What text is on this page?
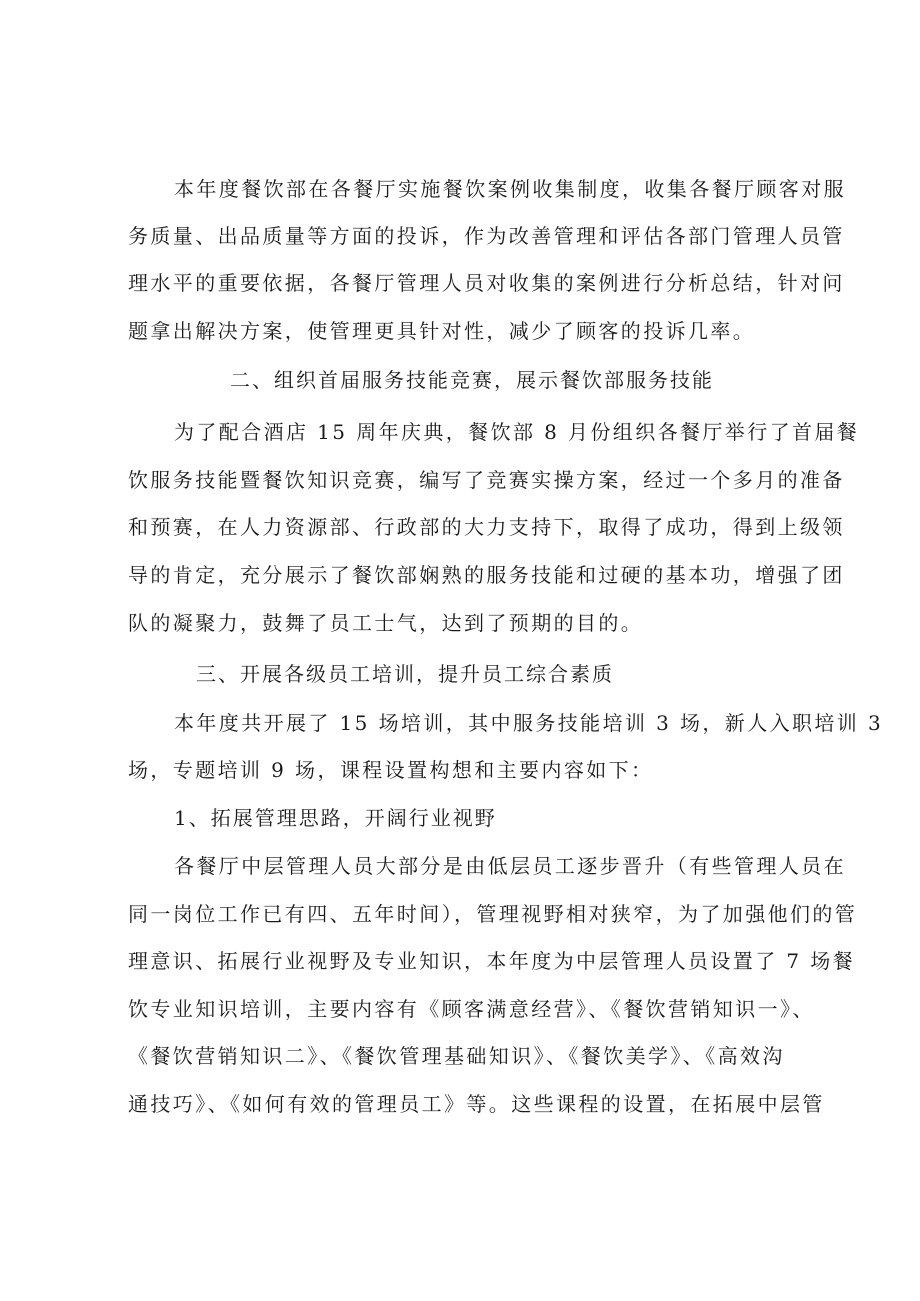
本年度餐饮部在各餐厅实施餐饮案例收集制度，收集各餐厅顾客对服
务质量、出品质量等方面的投诉，作为改善管理和评估各部门管理人员管
理水平的重要依据，各餐厅管理人员对收集的案例进行分析总结，针对问
题拿出解决方案，使管理更具针对性，减少了顾客的投诉几率。
二、组织首届服务技能竞赛，展示餐饮部服务技能
为了配合酒店 15 周年庆典，餐饮部 8 月份组织各餐厅举行了首届餐
饮服务技能暨餐饮知识竞赛，编写了竞赛实操方案，经过一个多月的准备
和预赛，在人力资源部、行政部的大力支持下，取得了成功，得到上级领
导的肯定，充分展示了餐饮部娴熟的服务技能和过硬的基本功，增强了团
队的凝聚力，鼓舞了员工士气，达到了预期的目的。
三、开展各级员工培训，提升员工综合素质
本年度共开展了 15 场培训，其中服务技能培训 3 场，新人入职培训 3
场，专题培训 9 场，课程设置构想和主要内容如下：
1、拓展管理思路，开阔行业视野
各餐厅中层管理人员大部分是由低层员工逐步晋升（有些管理人员在
同一岗位工作已有四、五年时间），管理视野相对狭窄，为了加强他们的管
理意识、拓展行业视野及专业知识，本年度为中层管理人员设置了 7 场餐
饮专业知识培训，主要内容有《顾客满意经营》、《餐饮营销知识一》、
《餐饮营销知识二》、《餐饮管理基础知识》、《餐饮美学》、《高效沟
通技巧》、《如何有效的管理员工》等。这些课程的设置，在拓展中层管
